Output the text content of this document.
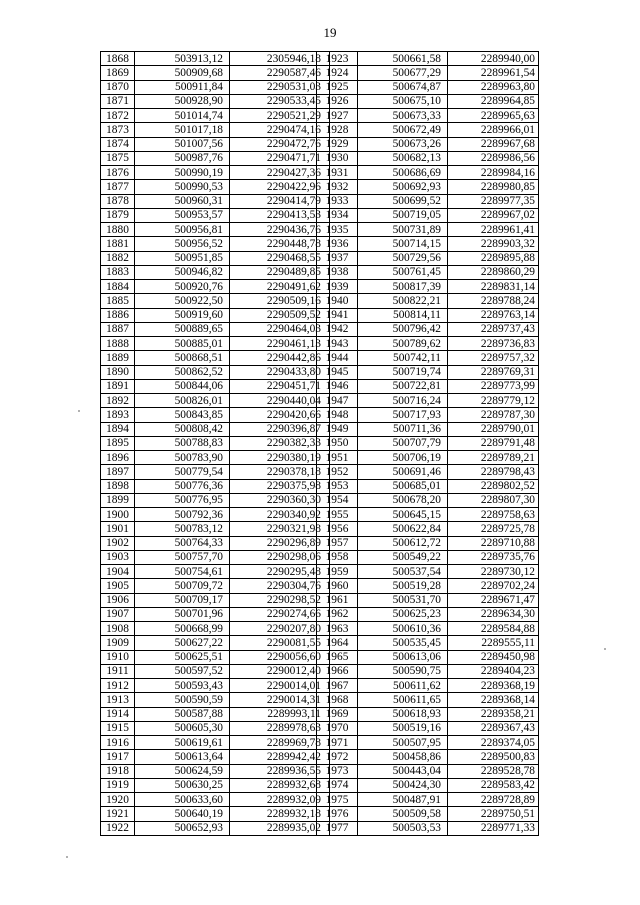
19
1868	503913,12	2305946,18
1869	500909,68	2290587,46
1870	500911,84	2290531,03
1871	500928,90	2290533,45
1872	501014,74	2290521,29
1873	501017,18	2290474,16
1874	501007,56	2290472,76
1875	500987,76	2290471,71
1876	500990,19	2290427,36
1877	500990,53	2290422,96
1878	500960,31	2290414,79
1879	500953,57	2290413,53
1880	500956,81	2290436,76
1881	500956,52	2290448,78
1882	500951,85	2290468,55
1883	500946,82	2290489,85
1884	500920,76	2290491,62
1885	500922,50	2290509,16
1886	500919,60	2290509,52
1887	500889,65	2290464,03
1888	500885,01	2290461,13
1889	500868,51	2290442,86
1890	500862,52	2290433,80
1891	500844,06	2290451,71
1892	500826,01	2290440,04
1893	500843,85	2290420,66
1894	500808,42	2290396,87
1895	500788,83	2290382,33
1896	500783,90	2290380,19
1897	500779,54	2290378,18
1898	500776,36	2290375,98
1899	500776,95	2290360,30
1900	500792,36	2290340,92
1901	500783,12	2290321,98
1902	500764,33	2290296,89
1903	500757,70	2290298,06
1904	500754,61	2290295,48
1905	500709,72	2290304,76
1906	500709,17	2290298,52
1907	500701,96	2290274,66
1908	500668,99	2290207,80
1909	500627,22	2290081,55
1910	500625,51	2290056,60
1911	500597,52	2290012,40
1912	500593,43	2290014,01
1913	500590,59	2290014,31
1914	500587,88	2289993,11
1915	500605,30	2289978,63
1916	500619,61	2289969,78
1917	500613,64	2289942,42
1918	500624,59	2289936,55
1919	500630,25	2289932,68
1920	500633,60	2289932,09
1921	500640,19	2289932,18
1922	500652,93	2289935,02
1923	500661,58	2289940,00
1924	500677,29	2289961,54
1925	500674,87	2289963,80
1926	500675,10	2289964,85
1927	500673,33	2289965,63
1928	500672,49	2289966,01
1929	500673,26	2289967,68
1930	500682,13	2289986,56
1931	500686,69	2289984,16
1932	500692,93	2289980,85
1933	500699,52	2289977,35
1934	500719,05	2289967,02
1935	500731,89	2289961,41
1936	500714,15	2289903,32
1937	500729,56	2289895,88
1938	500761,45	2289860,29
1939	500817,39	2289831,14
1940	500822,21	2289788,24
1941	500814,11	2289763,14
1942	500796,42	2289737,43
1943	500789,62	2289736,83
1944	500742,11	2289757,32
1945	500719,74	2289769,31
1946	500722,81	2289773,99
1947	500716,24	2289779,12
1948	500717,93	2289787,30
1949	500711,36	2289790,01
1950	500707,79	2289791,48
1951	500706,19	2289789,21
1952	500691,46	2289798,43
1953	500685,01	2289802,52
1954	500678,20	2289807,30
1955	500645,15	2289758,63
1956	500622,84	2289725,78
1957	500612,72	2289710,88
1958	500549,22	2289735,76
1959	500537,54	2289730,12
1960	500519,28	2289702,24
1961	500531,70	2289671,47
1962	500625,23	2289634,30
1963	500610,36	2289584,88
1964	500535,45	2289555,11
1965	500613,06	2289450,98
1966	500590,75	2289404,23
1967	500611,62	2289368,19
1968	500611,65	2289368,14
1969	500618,93	2289358,21
1970	500519,16	2289367,43
1971	500507,95	2289374,05
1972	500458,86	2289500,83
1973	500443,04	2289528,78
1974	500424,30	2289583,42
1975	500487,91	2289728,89
1976	500509,58	2289750,51
1977	500503,53	2289771,33
